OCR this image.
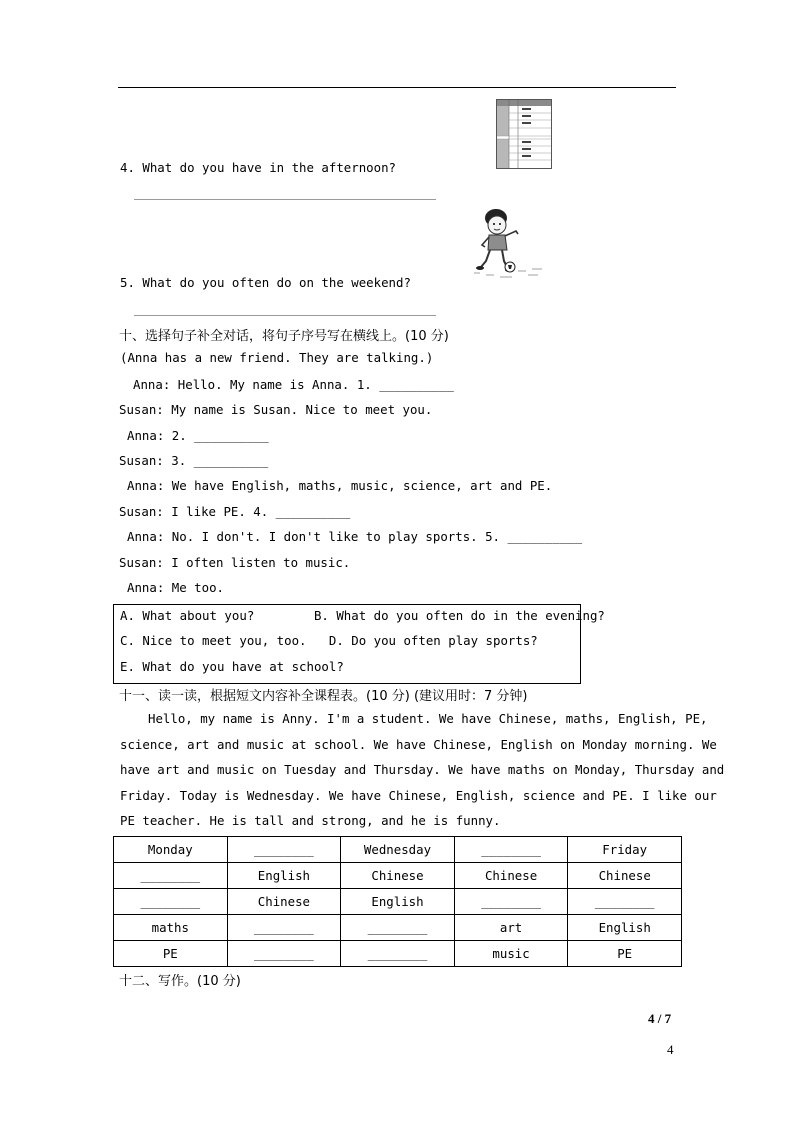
4. What do you have in the afternoon?
5. What do you often do on the weekend?
十、选择句子补全对话，将句子序号写在横线上。(10 分)
(Anna has a new friend. They are talking.)
Anna: Hello. My name is Anna. 1. __________
Susan: My name is Susan. Nice to meet you.
Anna: 2. __________
Susan: 3. __________
Anna: We have English, maths, music, science, art and PE.
Susan: I like PE. 4. __________
Anna: No. I don't. I don't like to play sports. 5. __________
Susan: I often listen to music.
Anna: Me too.
A. What about you?        B. What do you often do in the evening?
C. Nice to meet you, too.   D. Do you often play sports?
E. What do you have at school?
十一、读一读，根据短文内容补全课程表。(10 分) (建议用时：7 分钟)
Hello, my name is Anny. I'm a student. We have Chinese, maths, English, PE,
science, art and music at school. We have Chinese, English on Monday morning. We
have art and music on Tuesday and Thursday. We have maths on Monday, Thursday and
Friday. Today is Wednesday. We have Chinese, English, science and PE. I like our
PE teacher. He is tall and strong, and he is funny.
Monday	________	Wednesday	________	Friday
________	English	Chinese	Chinese	Chinese
________	Chinese	English	________	________
maths	________	________	art	English
PE	________	________	music	PE
十二、写作。(10 分)
4 / 7
4
